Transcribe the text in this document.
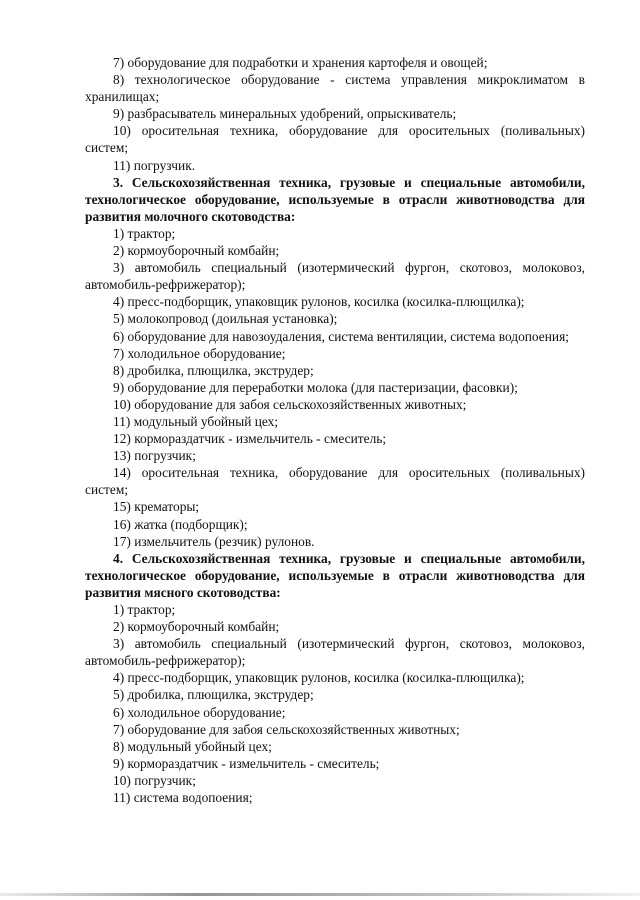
7) оборудование для подработки и хранения картофеля и овощей;

8) технологическое оборудование - система управления микроклиматом в хранилищах;

9) разбрасыватель минеральных удобрений, опрыскиватель;

10) оросительная техника, оборудование для оросительных (поливальных) систем;

11) погрузчик.

3. Сельскохозяйственная техника, грузовые и специальные автомобили, технологическое оборудование, используемые в отрасли животноводства для развития молочного скотоводства:

1) трактор;

2) кормоуборочный комбайн;

3) автомобиль специальный (изотермический фургон, скотовоз, молоковоз, автомобиль-рефрижератор);

4) пресс-подборщик, упаковщик рулонов, косилка (косилка-плющилка);

5) молокопровод (доильная установка);

6) оборудование для навозоудаления, система вентиляции, система водопоения;

7) холодильное оборудование;

8) дробилка, плющилка, экструдер;

9) оборудование для переработки молока (для пастеризации, фасовки);

10) оборудование для забоя сельскохозяйственных животных;

11) модульный убойный цех;

12) кормораздатчик - измельчитель - смеситель;

13) погрузчик;

14) оросительная техника, оборудование для оросительных (поливальных) систем;

15) крематоры;

16) жатка (подборщик);

17) измельчитель (резчик) рулонов.

4. Сельскохозяйственная техника, грузовые и специальные автомобили, технологическое оборудование, используемые в отрасли животноводства для развития мясного скотоводства:

1) трактор;

2) кормоуборочный комбайн;

3) автомобиль специальный (изотермический фургон, скотовоз, молоковоз, автомобиль-рефрижератор);

4) пресс-подборщик, упаковщик рулонов, косилка (косилка-плющилка);

5) дробилка, плющилка, экструдер;

6) холодильное оборудование;

7) оборудование для забоя сельскохозяйственных животных;

8) модульный убойный цех;

9) кормораздатчик - измельчитель - смеситель;

10) погрузчик;

11) система водопоения;
